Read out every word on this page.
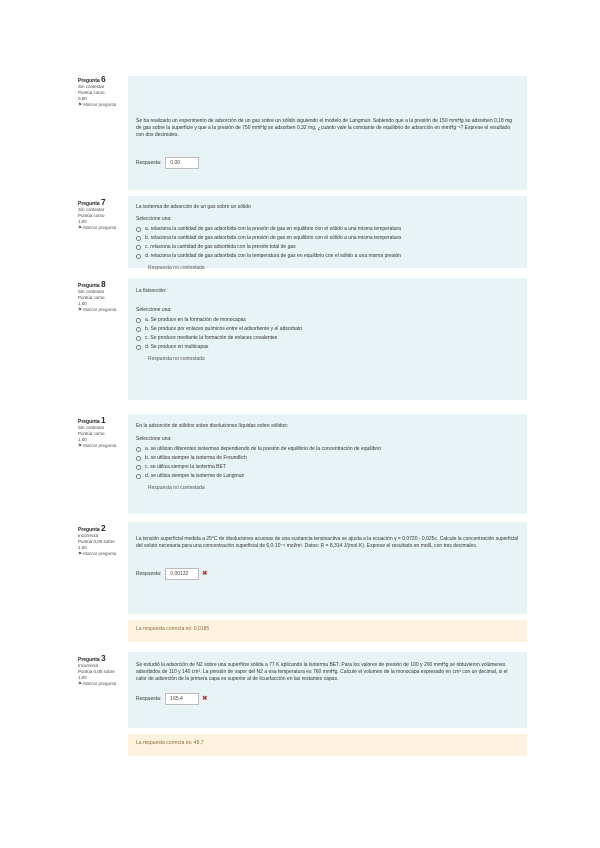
Pregunta 6
Sin contestar
Puntúa como
0,00
⚑ Marcar pregunta
Se ha realizado un experimento de adsorción de un gas sobre un sólido siguiendo el modelo de Langmuir. Sabiendo que a la presión de 150 mmHg se adsorben 0,18 mg de gas sobre la superficie y que a la presión de 750 mmHg se adsorben 0,32 mg, ¿cuánto vale la constante de equilibrio de adsorción en mmHg⁻¹? Exprese el resultado con dos decimales.
Respuesta:	0,00
Pregunta 7
Sin contestar
Puntúa como
1,00
⚑ Marcar pregunta
La isoterma de adsorción de un gas sobre un sólido
Seleccione una:
a.
relaciona la cantidad de gas adsorbida con la presión de gas en equilibrio con el sólido a una misma temperatura
b.
relaciona la cantidad de gas adsorbida con la presión de gas en equilibrio con el sólido a una misma temperatura
c.
relaciona la cantidad de gas adsorbida con la presión total de gas
d.
relaciona la cantidad de gas adsorbida con la temperatura de gas en equilibrio con el sólido a una misma presión
Respuesta no contestada
Pregunta 8
Sin contestar
Puntúa como
1,00
⚑ Marcar pregunta
La fisisorción:
Seleccione una:
a.
Se produce en la formación de monocapas
b.
Se produce por enlaces químicos entre el adsorbente y el adsorbato
c.
Se produce mediante la formación de enlaces covalentes
d.
Se produce en multicapas
Respuesta no contestada
Pregunta 1
Sin contestar
Puntúa como
1,00
⚑ Marcar pregunta
En la adsorción de sólidos sobre disoluciones líquidas sobre sólidos:
Seleccione una:
a.
se utilizan diferentes isotermas dependiendo de la presión de equilibrio de la concentración de equilibrio
b.
se utiliza siempre la isoterma de Freundlich
c.
se utiliza siempre la isoterma BET
d.
se utiliza siempre la isoterma de Langmuir
Respuesta no contestada
Pregunta 2
Incorrecta
Puntúa 0,00 sobre
1,00
⚑ Marcar pregunta
La tensión superficial medida a 25°C de disoluciones acuosas de una sustancia tensioactiva se ajusta a la ecuación γ = 0,0720 - 0,025c. Calcule la concentración superficial del soluto necesaria para una concentración superficial de 6,0·10⁻⁶ mol/m². Datos: R = 8,314 J/(mol·K). Exprese el resultado en mol/L con tres decimales.
Respuesta:	0,00132	✖
La respuesta correcta es: 0,0185
Pregunta 3
Incorrecta
Puntúa 0,00 sobre
1,00
⚑ Marcar pregunta
Se estudió la adsorción de N2 sobre una superficie sólida a 77 K aplicando la isoterma BET. Para los valores de presión de 100 y 200 mmHg se obtuvieron volúmenes adsorbidos de 110 y 140 cm³. La presión de vapor del N2 a esa temperatura es 760 mmHg. Calcule el volumen de la monocapa expresado en cm³ con un decimal, si el calor de adsorción de la primera capa es superior al de licuefacción en las restantes capas.
Respuesta:	165,4	✖
La respuesta correcta es: 48,7
